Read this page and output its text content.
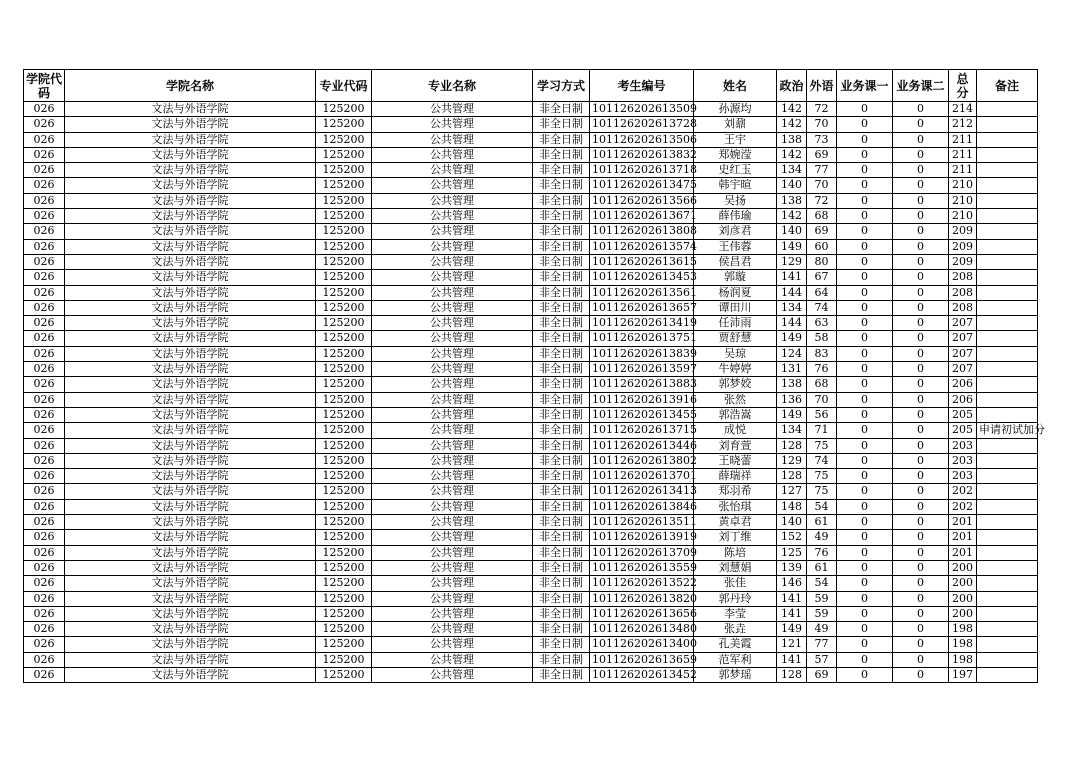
学院代码	学院名称	专业代码	专业名称	学习方式	考生编号	姓名	政治	外语	业务课一	业务课二	总分	备注
026	文法与外语学院	125200	公共管理	非全日制	101126202613509	孙源均	142	72	0	0	214	
026	文法与外语学院	125200	公共管理	非全日制	101126202613728	刘鼐	142	70	0	0	212	
026	文法与外语学院	125200	公共管理	非全日制	101126202613506	王宇	138	73	0	0	211	
026	文法与外语学院	125200	公共管理	非全日制	101126202613832	郑婉滢	142	69	0	0	211	
026	文法与外语学院	125200	公共管理	非全日制	101126202613718	史红玉	134	77	0	0	211	
026	文法与外语学院	125200	公共管理	非全日制	101126202613475	韩宇暄	140	70	0	0	210	
026	文法与外语学院	125200	公共管理	非全日制	101126202613566	吴扬	138	72	0	0	210	
026	文法与外语学院	125200	公共管理	非全日制	101126202613671	薛伟瑜	142	68	0	0	210	
026	文法与外语学院	125200	公共管理	非全日制	101126202613808	刘彦君	140	69	0	0	209	
026	文法与外语学院	125200	公共管理	非全日制	101126202613574	王伟蓉	149	60	0	0	209	
026	文法与外语学院	125200	公共管理	非全日制	101126202613615	侯昌君	129	80	0	0	209	
026	文法与外语学院	125200	公共管理	非全日制	101126202613453	郭璇	141	67	0	0	208	
026	文法与外语学院	125200	公共管理	非全日制	101126202613561	杨润夏	144	64	0	0	208	
026	文法与外语学院	125200	公共管理	非全日制	101126202613657	谭田川	134	74	0	0	208	
026	文法与外语学院	125200	公共管理	非全日制	101126202613419	任沛雨	144	63	0	0	207	
026	文法与外语学院	125200	公共管理	非全日制	101126202613751	贾舒慧	149	58	0	0	207	
026	文法与外语学院	125200	公共管理	非全日制	101126202613839	吴琼	124	83	0	0	207	
026	文法与外语学院	125200	公共管理	非全日制	101126202613597	牛婷婷	131	76	0	0	207	
026	文法与外语学院	125200	公共管理	非全日制	101126202613883	郭梦姣	138	68	0	0	206	
026	文法与外语学院	125200	公共管理	非全日制	101126202613916	张然	136	70	0	0	206	
026	文法与外语学院	125200	公共管理	非全日制	101126202613455	郭浩嵩	149	56	0	0	205	
026	文法与外语学院	125200	公共管理	非全日制	101126202613715	成悦	134	71	0	0	205	申请初试加分
026	文法与外语学院	125200	公共管理	非全日制	101126202613446	刘育萱	128	75	0	0	203	
026	文法与外语学院	125200	公共管理	非全日制	101126202613802	王晓蕾	129	74	0	0	203	
026	文法与外语学院	125200	公共管理	非全日制	101126202613701	薛瑞祥	128	75	0	0	203	
026	文法与外语学院	125200	公共管理	非全日制	101126202613413	郑羽希	127	75	0	0	202	
026	文法与外语学院	125200	公共管理	非全日制	101126202613846	张怡琪	148	54	0	0	202	
026	文法与外语学院	125200	公共管理	非全日制	101126202613511	黄卓君	140	61	0	0	201	
026	文法与外语学院	125200	公共管理	非全日制	101126202613919	刘丁维	152	49	0	0	201	
026	文法与外语学院	125200	公共管理	非全日制	101126202613709	陈培	125	76	0	0	201	
026	文法与外语学院	125200	公共管理	非全日制	101126202613559	刘慧娟	139	61	0	0	200	
026	文法与外语学院	125200	公共管理	非全日制	101126202613522	张佳	146	54	0	0	200	
026	文法与外语学院	125200	公共管理	非全日制	101126202613820	郭丹玲	141	59	0	0	200	
026	文法与外语学院	125200	公共管理	非全日制	101126202613656	李莹	141	59	0	0	200	
026	文法与外语学院	125200	公共管理	非全日制	101126202613480	张垚	149	49	0	0	198	
026	文法与外语学院	125200	公共管理	非全日制	101126202613400	孔美霞	121	77	0	0	198	
026	文法与外语学院	125200	公共管理	非全日制	101126202613659	范军利	141	57	0	0	198	
026	文法与外语学院	125200	公共管理	非全日制	101126202613452	郭梦瑶	128	69	0	0	197	
